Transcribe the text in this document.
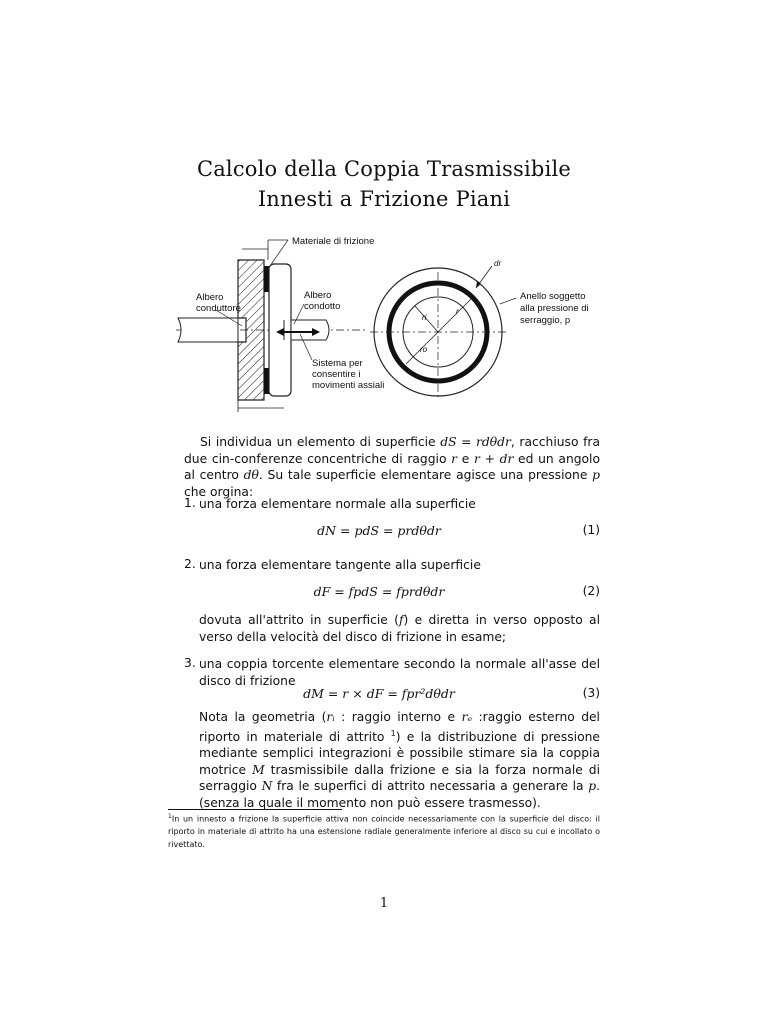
Calcolo della Coppia Trasmissibile
Innesti a Frizione Piani
Materiale di frizione
Albero
conduttore
Albero
condotto
Sistema per
consentire i
movimenti assiali
dr
r
ri
ro
Anello soggetto
alla pressione di
serraggio, p

Si individua un elemento di superficie dS = rdθdr, racchiuso fra due cin-conferenze concentriche di raggio r e r + dr ed un angolo al centro dθ. Su tale superficie elementare agisce una pressione p che orgina:

1. una forza elementare normale alla superficie

dN = pdS = prdθdr	(1)
2. una forza elementare tangente alla superficie

dF = fpdS = fprdθdr	(2)

dovuta all'attrito in superficie (f) e diretta in verso opposto al verso della velocità del disco di frizione in esame;

3. una coppia torcente elementare secondo la normale all'asse del disco di frizione

dM = r × dF = fpr²dθdr	(3)

Nota la geometria (rᵢ : raggio interno e rₑ :raggio esterno del riporto in materiale di attrito $^1$) e la distribuzione di pressione mediante semplici integrazioni è possibile stimare sia la coppia motrice M trasmissibile dalla frizione e sia la forza normale di serraggio N fra le superfici di attrito necessaria a generare la p. (senza la quale il momento non può essere trasmesso).

$^1$In un innesto a frizione la superficie attiva non coincide necessariamente con la superficie del disco: il riporto in materiale di attrito ha una estensione radiale generalmente inferiore al disco su cui e incollato o rivettato.

1
